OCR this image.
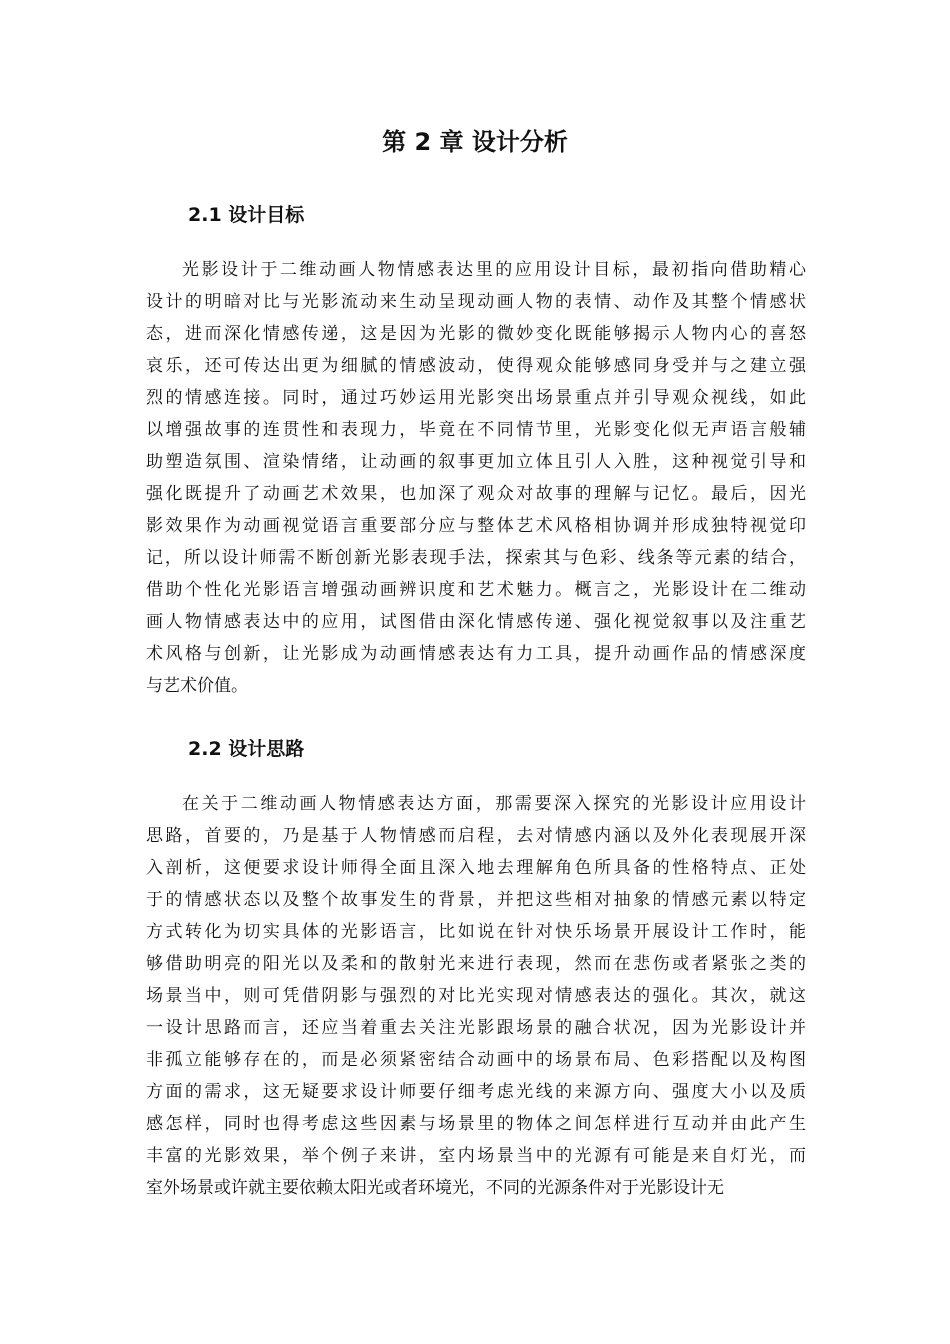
第 2 章 设计分析
2.1 设计目标
光影设计于二维动画人物情感表达里的应用设计目标，最初指向借助精心
设计的明暗对比与光影流动来生动呈现动画人物的表情、动作及其整个情感状
态，进而深化情感传递，这是因为光影的微妙变化既能够揭示人物内心的喜怒
哀乐，还可传达出更为细腻的情感波动，使得观众能够感同身受并与之建立强
烈的情感连接。同时，通过巧妙运用光影突出场景重点并引导观众视线，如此
以增强故事的连贯性和表现力，毕竟在不同情节里，光影变化似无声语言般辅
助塑造氛围、渲染情绪，让动画的叙事更加立体且引人入胜，这种视觉引导和
强化既提升了动画艺术效果，也加深了观众对故事的理解与记忆。最后，因光
影效果作为动画视觉语言重要部分应与整体艺术风格相协调并形成独特视觉印
记，所以设计师需不断创新光影表现手法，探索其与色彩、线条等元素的结合，
借助个性化光影语言增强动画辨识度和艺术魅力。概言之，光影设计在二维动
画人物情感表达中的应用，试图借由深化情感传递、强化视觉叙事以及注重艺
术风格与创新，让光影成为动画情感表达有力工具，提升动画作品的情感深度
与艺术价值。
2.2 设计思路
在关于二维动画人物情感表达方面，那需要深入探究的光影设计应用设计
思路，首要的，乃是基于人物情感而启程，去对情感内涵以及外化表现展开深
入剖析，这便要求设计师得全面且深入地去理解角色所具备的性格特点、正处
于的情感状态以及整个故事发生的背景，并把这些相对抽象的情感元素以特定
方式转化为切实具体的光影语言，比如说在针对快乐场景开展设计工作时，能
够借助明亮的阳光以及柔和的散射光来进行表现，然而在悲伤或者紧张之类的
场景当中，则可凭借阴影与强烈的对比光实现对情感表达的强化。其次，就这
一设计思路而言，还应当着重去关注光影跟场景的融合状况，因为光影设计并
非孤立能够存在的，而是必须紧密结合动画中的场景布局、色彩搭配以及构图
方面的需求，这无疑要求设计师要仔细考虑光线的来源方向、强度大小以及质
感怎样，同时也得考虑这些因素与场景里的物体之间怎样进行互动并由此产生
丰富的光影效果，举个例子来讲，室内场景当中的光源有可能是来自灯光，而
室外场景或许就主要依赖太阳光或者环境光，不同的光源条件对于光影设计无
